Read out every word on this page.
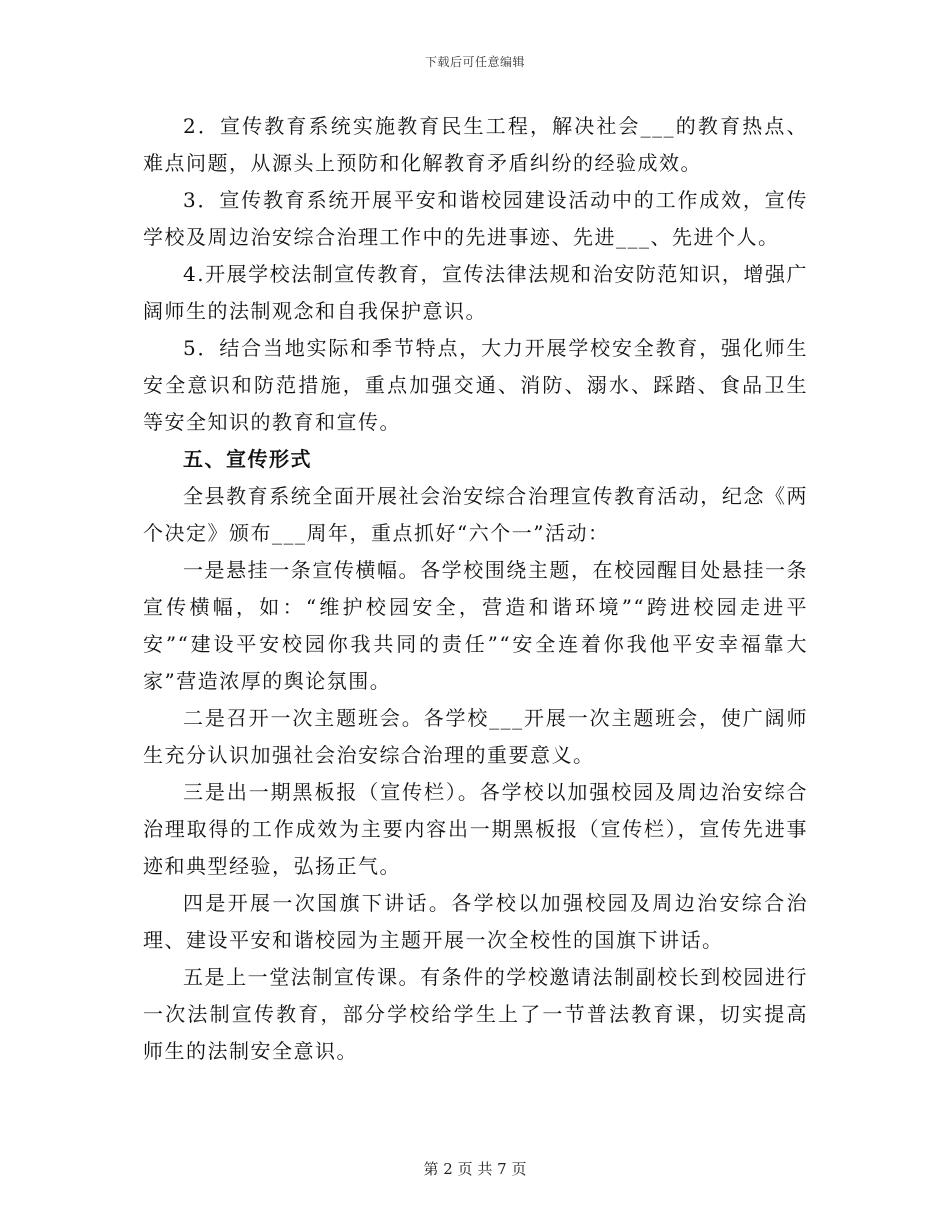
下载后可任意编辑

2．宣传教育系统实施教育民生工程，解决社会___的教育热点、难点问题，从源头上预防和化解教育矛盾纠纷的经验成效。

3．宣传教育系统开展平安和谐校园建设活动中的工作成效，宣传学校及周边治安综合治理工作中的先进事迹、先进___、先进个人。

4.开展学校法制宣传教育，宣传法律法规和治安防范知识，增强广阔师生的法制观念和自我保护意识。

5．结合当地实际和季节特点，大力开展学校安全教育，强化师生安全意识和防范措施，重点加强交通、消防、溺水、踩踏、食品卫生等安全知识的教育和宣传。

五、宣传形式

全县教育系统全面开展社会治安综合治理宣传教育活动，纪念《两个决定》颁布___周年，重点抓好“六个一”活动：

一是悬挂一条宣传横幅。各学校围绕主题，在校园醒目处悬挂一条宣传横幅，如：“维护校园安全，营造和谐环境”“跨进校园走进平安”“建设平安校园你我共同的责任”“安全连着你我他平安幸福靠大家”营造浓厚的舆论氛围。

二是召开一次主题班会。各学校___开展一次主题班会，使广阔师生充分认识加强社会治安综合治理的重要意义。

三是出一期黑板报（宣传栏）。各学校以加强校园及周边治安综合治理取得的工作成效为主要内容出一期黑板报（宣传栏），宣传先进事迹和典型经验，弘扬正气。

四是开展一次国旗下讲话。各学校以加强校园及周边治安综合治理、建设平安和谐校园为主题开展一次全校性的国旗下讲话。

五是上一堂法制宣传课。有条件的学校邀请法制副校长到校园进行一次法制宣传教育，部分学校给学生上了一节普法教育课，切实提高师生的法制安全意识。

第 2 页 共 7 页
